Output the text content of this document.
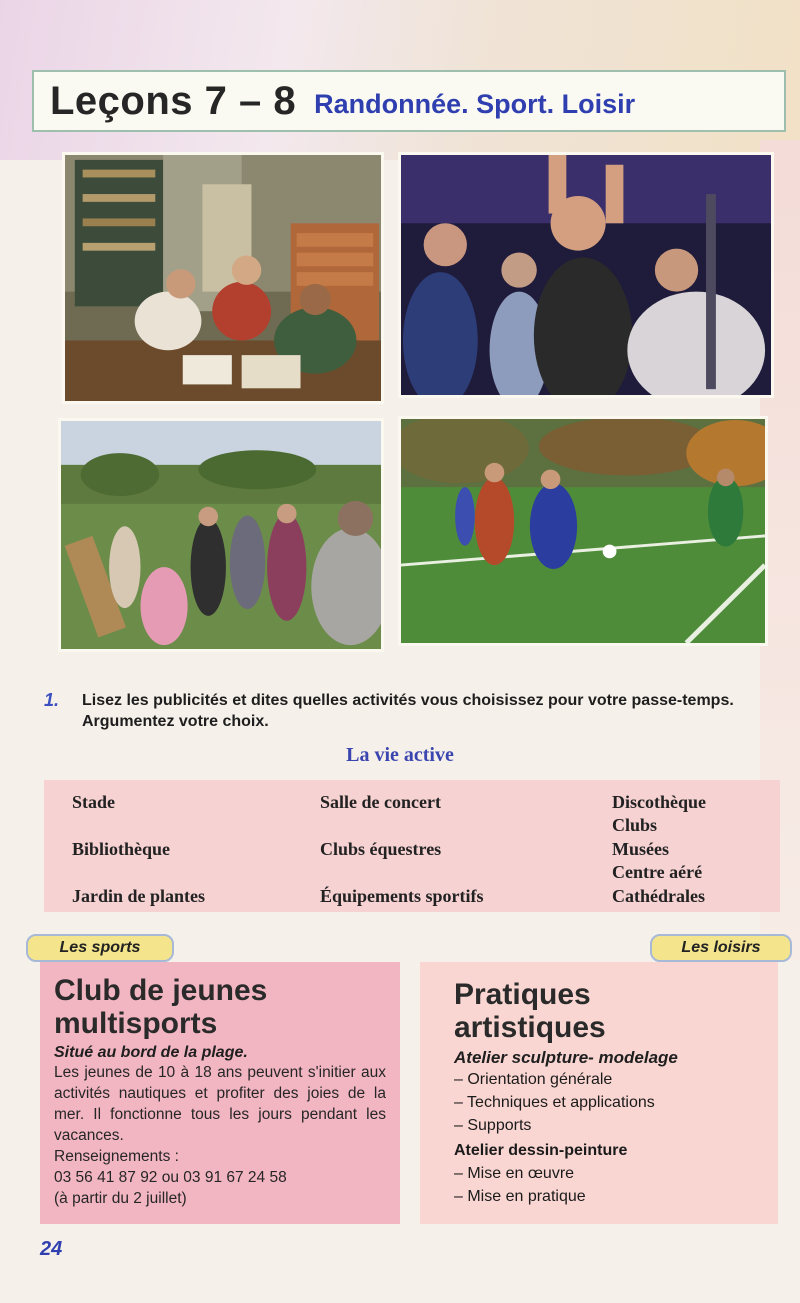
Leçons 7 – 8 Randonnée. Sport. Loisir
1.	Lisez les publicités et dites quelles activités vous choisissez pour votre passe-temps. Argumentez votre choix.
La vie active
Stade
Bibliothèque
Jardin de plantes
Salle de concert
Clubs équestres
Équipements sportifs
Discothèque
Clubs
Musées
Centre aéré
Cathédrales
Les sports	Les loisirs
Club de jeunes
multisports
Situé au bord de la plage.
Les jeunes de 10 à 18 ans peuvent s'initier aux activités nautiques et profiter des joies de la mer. Il fonctionne tous les jours pendant les vacances.
Renseignements :
03 56 41 87 92 ou 03 91 67 24 58
(à partir du 2 juillet)
Pratiques
artistiques
Atelier sculpture- modelage
– Orientation générale
– Techniques et applications
– Supports
Atelier dessin-peinture
– Mise en œuvre
– Mise en pratique
24
